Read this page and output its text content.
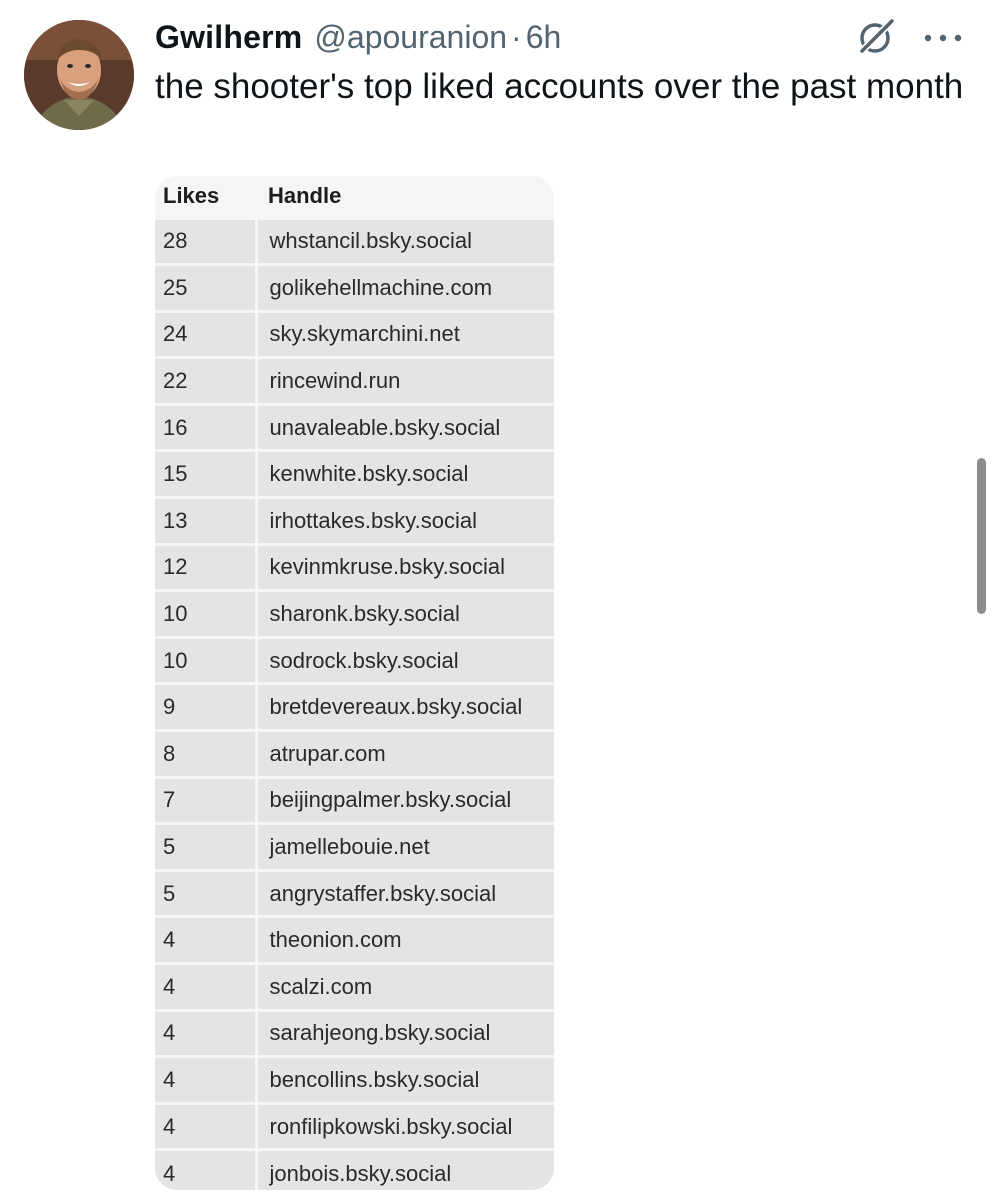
Gwilherm @apouranion · 6h
the shooter's top liked accounts over the past month
Likes	Handle
28	whstancil.bsky.social
25	golikehellmachine.com
24	sky.skymarchini.net
22	rincewind.run
16	unavaleable.bsky.social
15	kenwhite.bsky.social
13	irhottakes.bsky.social
12	kevinmkruse.bsky.social
10	sharonk.bsky.social
10	sodrock.bsky.social
9	bretdevereaux.bsky.social
8	atrupar.com
7	beijingpalmer.bsky.social
5	jamellebouie.net
5	angrystaffer.bsky.social
4	theonion.com
4	scalzi.com
4	sarahjeong.bsky.social
4	bencollins.bsky.social
4	ronfilipkowski.bsky.social
4	jonbois.bsky.social
